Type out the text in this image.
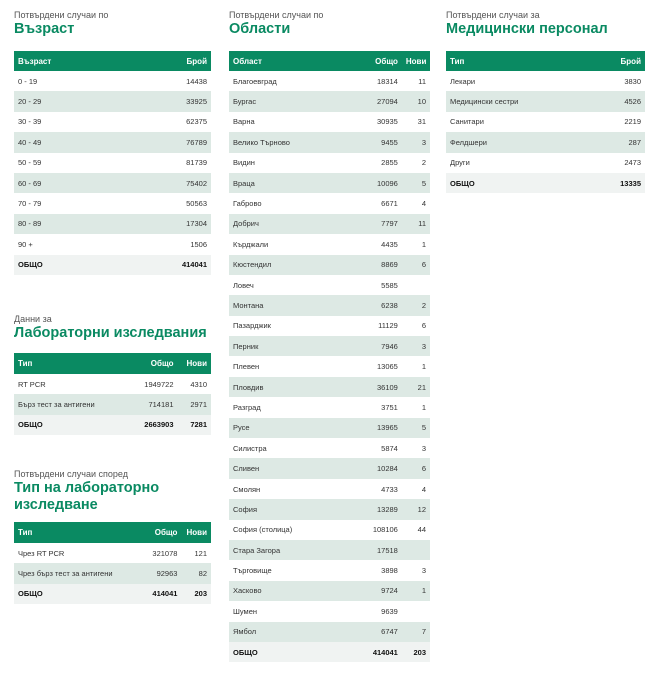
Потвърдени случаи по
Възраст
Възраст	Брой
0 - 19	14438
20 - 29	33925
30 - 39	62375
40 - 49	76789
50 - 59	81739
60 - 69	75402
70 - 79	50563
80 - 89	17304
90 +	1506
ОБЩО	414041
Данни за
Лабораторни изследвания
Тип	Общо	Нови
RT PCR	1949722	4310
Бърз тест за антигени	714181	2971
ОБЩО	2663903	7281
Потвърдени случаи според
Тип на лабораторно
изследване
Тип	Общо	Нови
Чрез RT PCR	321078	121
Чрез бърз тест за антигени	92963	82
ОБЩО	414041	203
Потвърдени случаи по
Области
Област	Общо	Нови
Благоевград	18314	11
Бургас	27094	10
Варна	30935	31
Велико Търново	9455	3
Видин	2855	2
Враца	10096	5
Габрово	6671	4
Добрич	7797	11
Кърджали	4435	1
Кюстендил	8869	6
Ловеч	5585	
Монтана	6238	2
Пазарджик	11129	6
Перник	7946	3
Плевен	13065	1
Пловдив	36109	21
Разград	3751	1
Русе	13965	5
Силистра	5874	3
Сливен	10284	6
Смолян	4733	4
София	13289	12
София (столица)	108106	44
Стара Загора	17518	
Търговище	3898	3
Хасково	9724	1
Шумен	9639	
Ямбол	6747	7
ОБЩО	414041	203
Потвърдени случаи за
Медицински персонал
Тип	Брой
Лекари	3830
Медицински сестри	4526
Санитари	2219
Фелдшери	287
Други	2473
ОБЩО	13335
